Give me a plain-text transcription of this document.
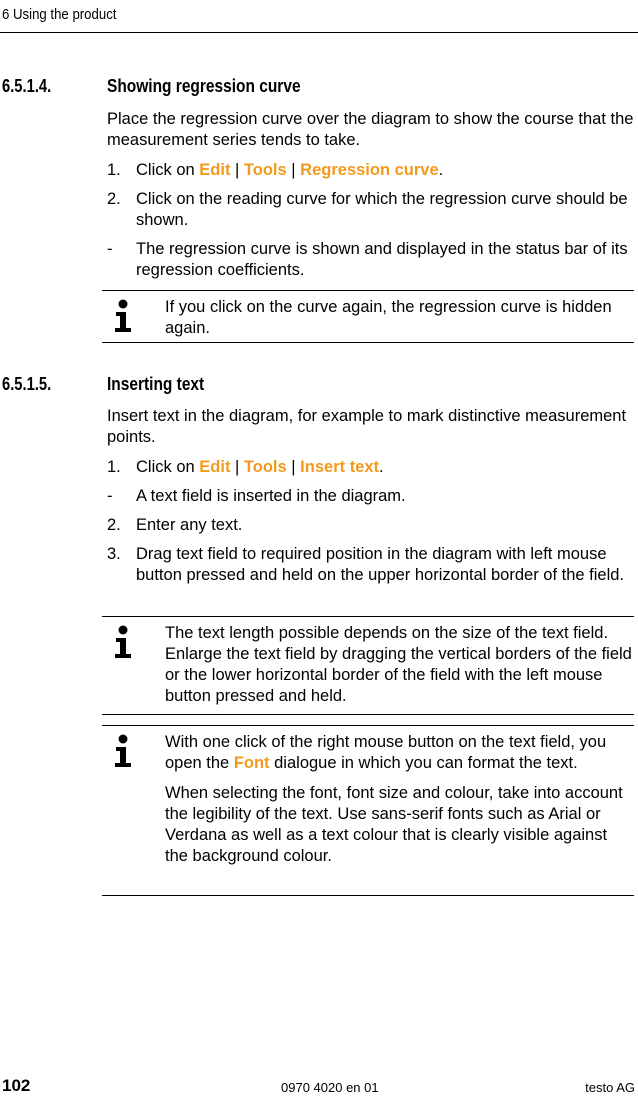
6 Using the product
6.5.1.4.	Showing regression curve

Place the regression curve over the diagram to show the course that the measurement series tends to take.

1. Click on Edit | Tools | Regression curve.
2. Click on the reading curve for which the regression curve should be shown.
-	The regression curve is shown and displayed in the status bar of its regression coefficients.

If you click on the curve again, the regression curve is hidden again.

6.5.1.5.	Inserting text

Insert text in the diagram, for example to mark distinctive measurement points.

1. Click on Edit | Tools | Insert text.
-	A text field is inserted in the diagram.
2. Enter any text.
3. Drag text field to required position in the diagram with left mouse button pressed and held on the upper horizontal border of the field.

The text length possible depends on the size of the text field. Enlarge the text field by dragging the vertical borders of the field or the lower horizontal border of the field with the left mouse button pressed and held.

With one click of the right mouse button on the text field, you open the Font dialogue in which you can format the text.

When selecting the font, font size and colour, take into account the legibility of the text. Use sans-serif fonts such as Arial or Verdana as well as a text colour that is clearly visible against the background colour.

102	0970 4020 en 01	testo AG
